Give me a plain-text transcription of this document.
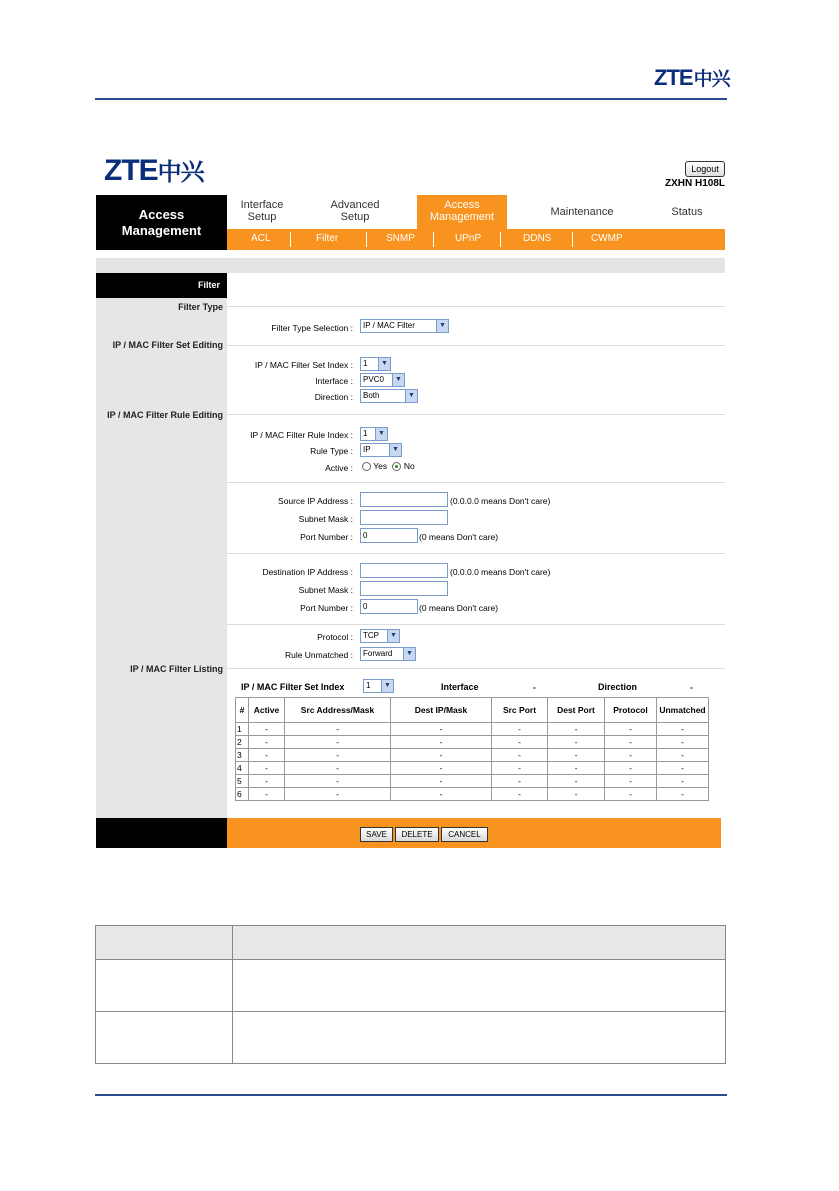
ZTE中兴
ZTE中兴	Logout
ZXHN H108L
Access
Management
Interface
Setup
Advanced
Setup
Access
Management	Maintenance	Status
ACL	Filter	SNMP	UPnP	DDNS	CWMP
Filter Type
IP / MAC Filter Set Editing
IP / MAC Filter Rule Editing
IP / MAC Filter Listing
Filter
Filter Type Selection :	IP / MAC Filter	▼
IP / MAC Filter Set Index :	1	▼
Interface :	PVC0	▼
Direction :	Both	▼
IP / MAC Filter Rule Index :	1	▼
Rule Type :	IP	▼
Active :	Yes No
Source IP Address :	(0.0.0.0 means Don't care)
Subnet Mask :
Port Number :	0	(0 means Don't care)
Destination IP Address :	(0.0.0.0 means Don't care)
Subnet Mask :
Port Number :	0	(0 means Don't care)
Protocol :	TCP	▼
Rule Unmatched :	Forward	▼
IP / MAC Filter Set Index	1	▼	Interface	-	Direction	-
#	Active	Src Address/Mask	Dest IP/Mask	Src Port	Dest Port	Protocol	Unmatched
1	-	-	-	-	-	-	-
2	-	-	-	-	-	-	-
3	-	-	-	-	-	-	-
4	-	-	-	-	-	-	-
5	-	-	-	-	-	-	-
6	-	-	-	-	-	-	-
SAVE	DELETE	CANCEL
